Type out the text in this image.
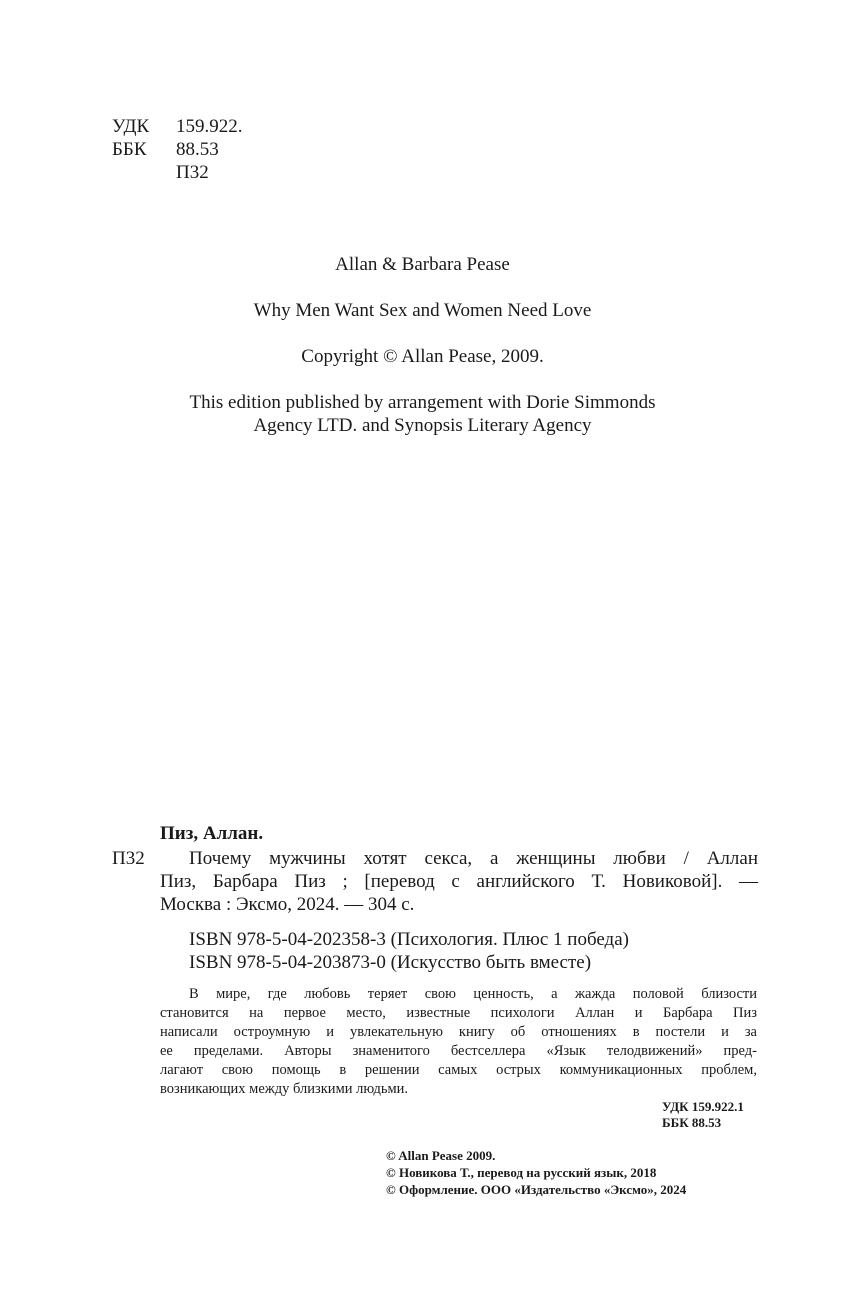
УДК 159.922.
ББК 88.53
П32
Allan & Barbara Pease
Why Men Want Sex and Women Need Love
Copyright © Allan Pease, 2009.
This edition published by arrangement with Dorie Simmonds
Agency LTD. and Synopsis Literary Agency
Пиз, Аллан.
П32 Почему мужчины хотят секса, а женщины любви / Аллан
Пиз, Барбара Пиз ; [перевод с английского Т. Новиковой]. —
Москва : Эксмо, 2024. — 304 с.
ISBN 978-5-04-202358-3 (Психология. Плюс 1 победа)
ISBN 978-5-04-203873-0 (Искусство быть вместе)
В мире, где любовь теряет свою ценность, а жажда половой близости
становится на первое место, известные психологи Аллан и Барбара Пиз
написали остроумную и увлекательную книгу об отношениях в постели и за
ее пределами. Авторы знаменитого бестселлера «Язык телодвижений» пред-
лагают свою помощь в решении самых острых коммуникационных проблем,
возникающих между близкими людьми.
УДК 159.922.1
ББК 88.53
© Allan Pease 2009.
© Новикова Т., перевод на русский язык, 2018
© Оформление. ООО «Издательство «Эксмо», 2024
